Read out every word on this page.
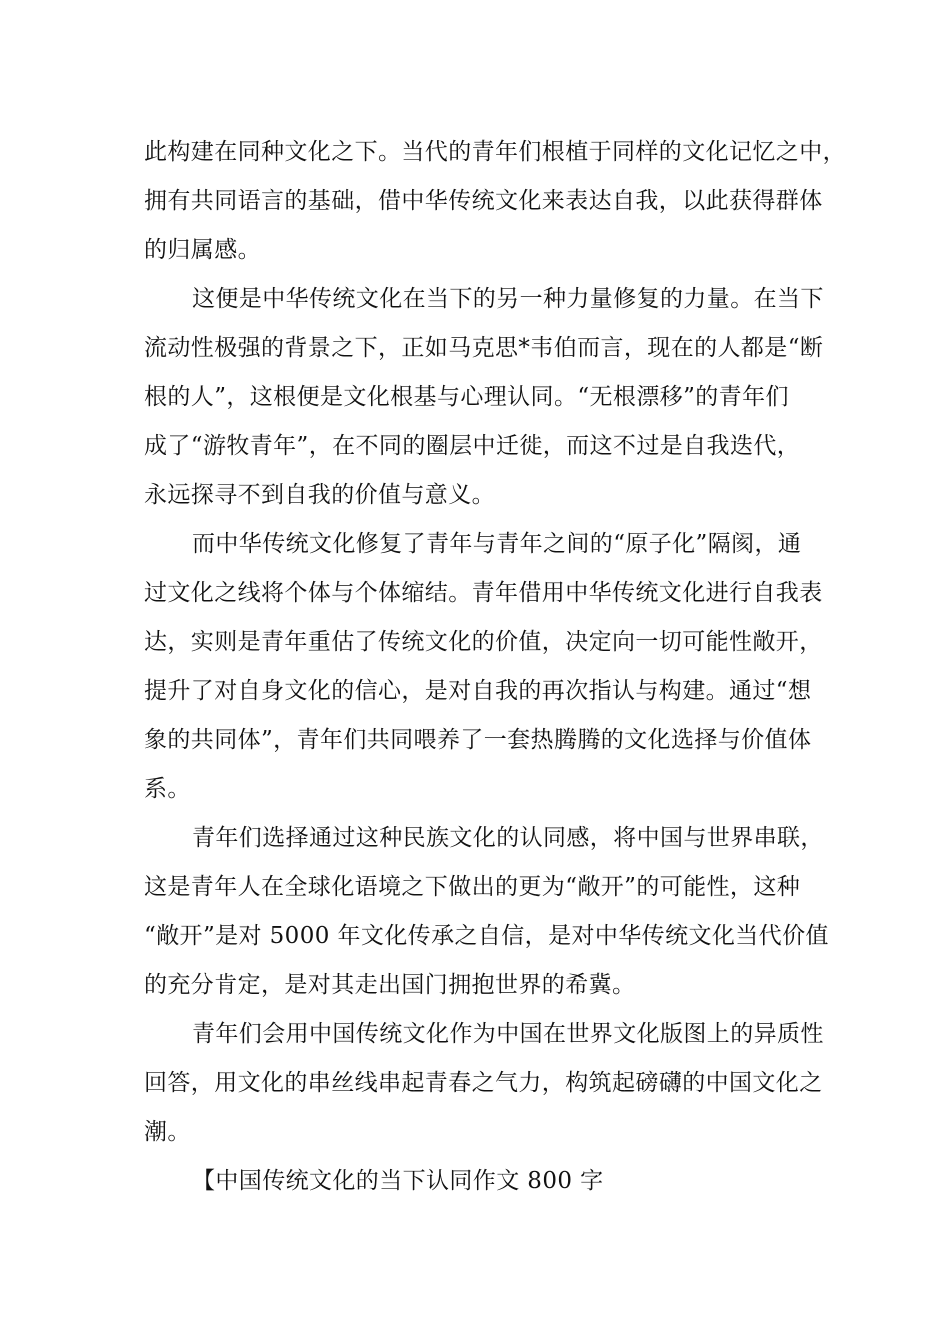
此构建在同种文化之下。当代的青年们根植于同样的文化记忆之中，
拥有共同语言的基础，借中华传统文化来表达自我，以此获得群体
的归属感。
这便是中华传统文化在当下的另一种力量修复的力量。在当下
流动性极强的背景之下，正如马克思*韦伯而言，现在的人都是“断
根的人”，这根便是文化根基与心理认同。“无根漂移”的青年们
成了“游牧青年”，在不同的圈层中迁徙，而这不过是自我迭代，
永远探寻不到自我的价值与意义。
而中华传统文化修复了青年与青年之间的“原子化”隔阂，通
过文化之线将个体与个体缩结。青年借用中华传统文化进行自我表
达，实则是青年重估了传统文化的价值，决定向一切可能性敞开，
提升了对自身文化的信心，是对自我的再次指认与构建。通过“想
象的共同体”，青年们共同喂养了一套热腾腾的文化选择与价值体
系。
青年们选择通过这种民族文化的认同感，将中国与世界串联，
这是青年人在全球化语境之下做出的更为“敞开”的可能性，这种
“敞开”是对 5000 年文化传承之自信，是对中华传统文化当代价值
的充分肯定，是对其走出国门拥抱世界的希冀。
青年们会用中国传统文化作为中国在世界文化版图上的异质性
回答，用文化的串丝线串起青春之气力，构筑起磅礴的中国文化之
潮。
【中国传统文化的当下认同作文 800 字
